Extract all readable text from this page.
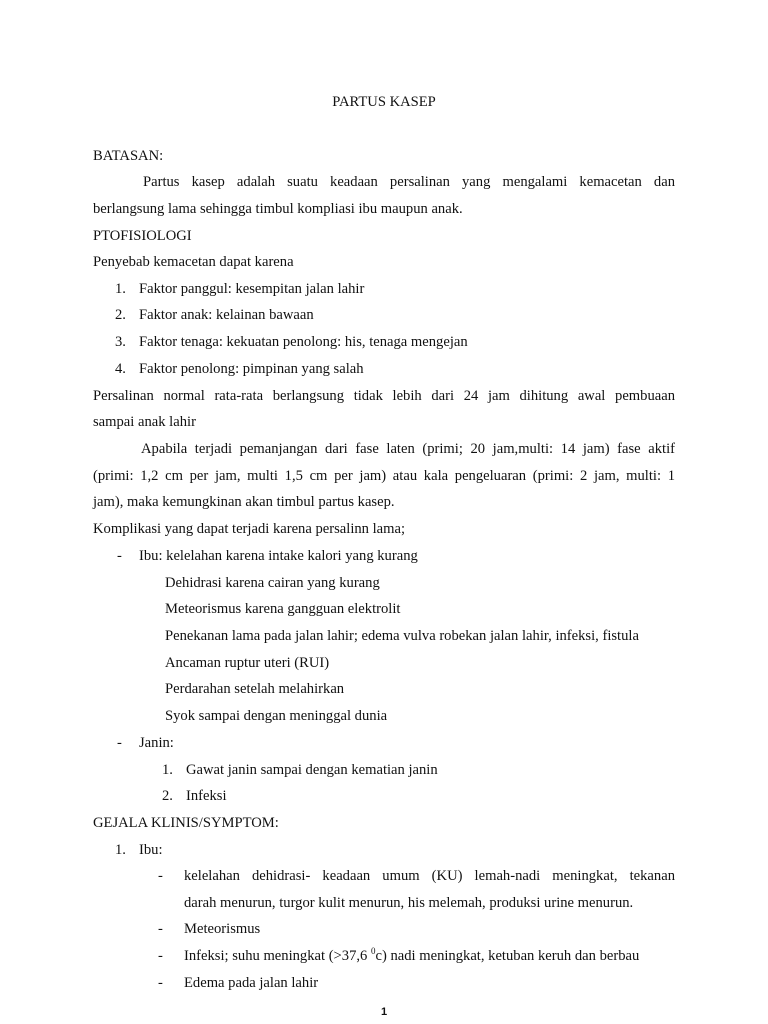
PARTUS KASEP
BATASAN:
Partus kasep adalah suatu keadaan persalinan yang mengalami kemacetan dan
berlangsung lama sehingga timbul kompliasi ibu maupun anak.
PTOFISIOLOGI
Penyebab kemacetan dapat karena
1. Faktor panggul: kesempitan jalan lahir
2. Faktor anak: kelainan bawaan
3. Faktor tenaga: kekuatan penolong: his, tenaga mengejan
4. Faktor penolong: pimpinan yang salah
Persalinan normal rata-rata berlangsung tidak lebih dari 24 jam dihitung awal pembuaan
sampai anak lahir
Apabila terjadi pemanjangan dari fase laten (primi; 20 jam,multi: 14 jam) fase aktif
(primi: 1,2 cm per jam, multi 1,5 cm per jam) atau kala pengeluaran (primi: 2 jam, multi: 1
jam), maka kemungkinan akan timbul partus kasep.
Komplikasi yang dapat terjadi karena persalinn lama;
- Ibu: kelelahan karena intake kalori yang kurang
Dehidrasi karena cairan yang kurang
Meteorismus karena gangguan elektrolit
Penekanan lama pada jalan lahir; edema vulva robekan jalan lahir, infeksi, fistula
Ancaman ruptur uteri (RUI)
Perdarahan setelah melahirkan
Syok sampai dengan meninggal dunia
- Janin:
1. Gawat janin sampai dengan kematian janin
2. Infeksi
GEJALA KLINIS/SYMPTOM:
1. Ibu:
- kelelahan dehidrasi- keadaan umum (KU) lemah-nadi meningkat, tekanan
darah menurun, turgor kulit menurun, his melemah, produksi urine menurun.
- Meteorismus
- Infeksi; suhu meningkat (>37,6 $^0$c) nadi meningkat, ketuban keruh dan berbau
- Edema pada jalan lahir
1
